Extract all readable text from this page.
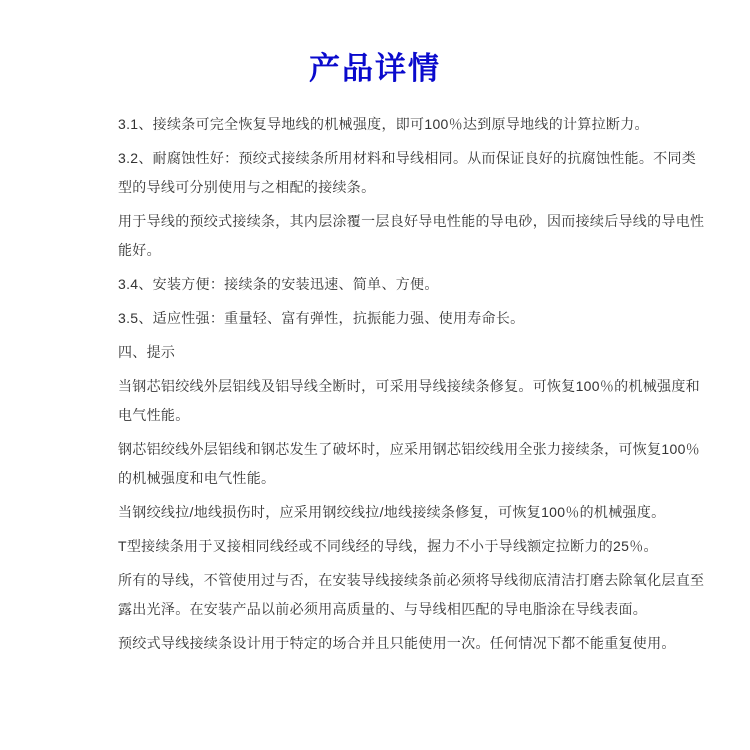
产品详情
3.1、接续条可完全恢复导地线的机械强度，即可100％达到原导地线的计算拉断力。
3.2、耐腐蚀性好：预绞式接续条所用材料和导线相同。从而保证良好的抗腐蚀性能。不同类
型的导线可分别使用与之相配的接续条。
用于导线的预绞式接续条，其内层涂覆一层良好导电性能的导电砂，因而接续后导线的导电性
能好。
3.4、安装方便：接续条的安装迅速、简单、方便。
3.5、适应性强：重量轻、富有弹性，抗振能力强、使用寿命长。
四、提示
当钢芯铝绞线外层铝线及铝导线全断时，可采用导线接续条修复。可恢复100％的机械强度和
电气性能。
钢芯铝绞线外层铝线和钢芯发生了破坏时，应采用钢芯铝绞线用全张力接续条，可恢复100％
的机械强度和电气性能。
当钢绞线拉/地线损伤时，应采用钢绞线拉/地线接续条修复，可恢复100％的机械强度。
T型接续条用于叉接相同线经或不同线经的导线，握力不小于导线额定拉断力的25％。
所有的导线，不管使用过与否，在安装导线接续条前必须将导线彻底清洁打磨去除氧化层直至
露出光泽。在安装产品以前必须用高质量的、与导线相匹配的导电脂涂在导线表面。
预绞式导线接续条设计用于特定的场合并且只能使用一次。任何情况下都不能重复使用。
